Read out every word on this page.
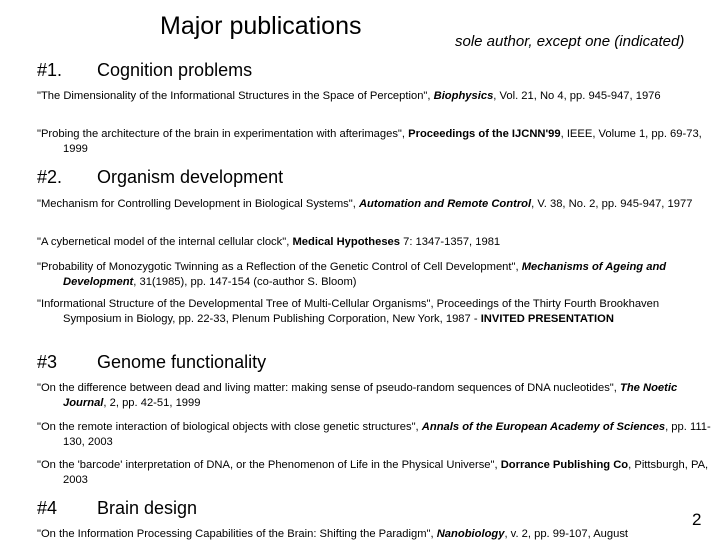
Major publications
sole author, except one (indicated)
#1. Cognition problems
"The Dimensionality of the Informational Structures in the Space of Perception", Biophysics, Vol. 21, No 4, pp. 945-947, 1976
"Probing the architecture of the brain in experimentation with afterimages", Proceedings of the IJCNN'99, IEEE, Volume 1, pp. 69-73, 1999
#2. Organism development
"Mechanism for Controlling Development in Biological Systems", Automation and Remote Control, V. 38, No. 2, pp. 945-947, 1977
"A cybernetical model of the internal cellular clock", Medical Hypotheses 7: 1347-1357, 1981
"Probability of Monozygotic Twinning as a Reflection of the Genetic Control of Cell Development", Mechanisms of Ageing and Development, 31(1985), pp. 147-154 (co-author S. Bloom)
"Informational Structure of the Developmental Tree of Multi-Cellular Organisms", Proceedings of the Thirty Fourth Brookhaven Symposium in Biology, pp. 22-33, Plenum Publishing Corporation, New York, 1987 - INVITED PRESENTATION
#3 Genome functionality
"On the difference between dead and living matter: making sense of pseudo-random sequences of DNA nucleotides", The Noetic Journal, 2, pp. 42-51, 1999
"On the remote interaction of biological objects with close genetic structures", Annals of the European Academy of Sciences, pp. 111-130, 2003
"On the 'barcode' interpretation of DNA, or the Phenomenon of Life in the Physical Universe", Dorrance Publishing Co, Pittsburgh, PA, 2003
#4 Brain design
"On the Information Processing Capabilities of the Brain: Shifting the Paradigm", Nanobiology, v. 2, pp. 99-107, August
2
